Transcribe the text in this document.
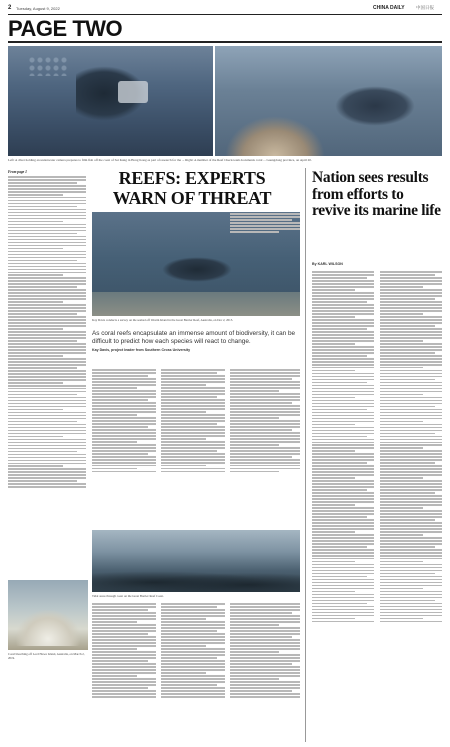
2 Tuesday, August 9, 2022	CHINA DAILY	中国日报
PAGE TWO
Left: A diver holding an underwater camera prepares to film fish off the coast of Sai Kung in Hong Kong as part of research for the ... Right: A member of the Reef Check team documents coral ... Guangdong province, on April 20.
From page 1
Coral bleaching off Lord Howe Island, Australia, on March 2, 2019.
REEFS: EXPERTS WARN OF THREAT
Kay Davis conducts a survey on the seabed off Westin Island in the Great Barrier Reef, Australia, on Dec 2, 2015.
As coral reefs encapsulate an immense amount of biodiversity, it can be difficult to predict how each species will react to change.
Kay Davis, project leader from Southern Cross University
Tidal areas through coast on the Great Barrier Reef Coast.
Nation sees results from efforts to revive its marine life
By KARL WILSON
